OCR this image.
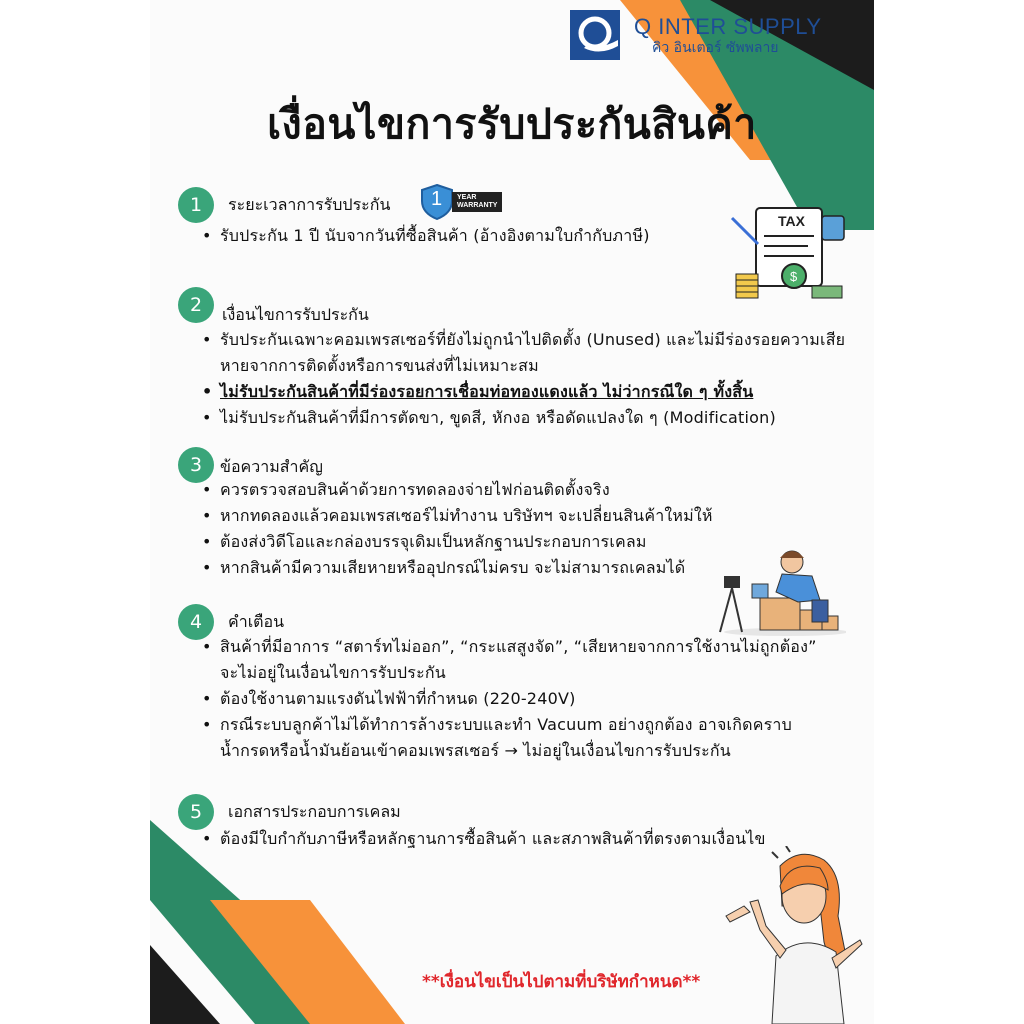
Q INTER SUPPLY
คิว อินเตอร์ ซัพพลาย
เงื่อนไขการรับประกันสินค้า
1	ระยะเวลาการรับประกัน 1 YEAR
WARRANTY
• รับประกัน 1 ปี นับจากวันที่ซื้อสินค้า (อ้างอิงตามใบกำกับภาษี)
2	เงื่อนไขการรับประกัน
• รับประกันเฉพาะคอมเพรสเซอร์ที่ยังไม่ถูกนำไปติดตั้ง (Unused) และไม่มีร่องรอยความเสียหายจากการติดตั้งหรือการขนส่งที่ไม่เหมาะสม
• ไม่รับประกันสินค้าที่มีร่องรอยการเชื่อมท่อทองแดงแล้ว ไม่ว่ากรณีใด ๆ ทั้งสิ้น
• ไม่รับประกันสินค้าที่มีการตัดขา, ขูดสี, หักงอ หรือดัดแปลงใด ๆ (Modification)
3	ข้อความสำคัญ
• ควรตรวจสอบสินค้าด้วยการทดลองจ่ายไฟก่อนติดตั้งจริง
• หากทดลองแล้วคอมเพรสเซอร์ไม่ทำงาน บริษัทฯ จะเปลี่ยนสินค้าใหม่ให้
• ต้องส่งวิดีโอและกล่องบรรจุเดิมเป็นหลักฐานประกอบการเคลม
• หากสินค้ามีความเสียหายหรืออุปกรณ์ไม่ครบ จะไม่สามารถเคลมได้
4	คำเตือน
• สินค้าที่มีอาการ “สตาร์ทไม่ออก”, “กระแสสูงจัด”, “เสียหายจากการใช้งานไม่ถูกต้อง” จะไม่อยู่ในเงื่อนไขการรับประกัน
• ต้องใช้งานตามแรงดันไฟฟ้าที่กำหนด (220-240V)
• กรณีระบบลูกค้าไม่ได้ทำการล้างระบบและทำ Vacuum อย่างถูกต้อง อาจเกิดคราบน้ำกรดหรือน้ำมันย้อนเข้าคอมเพรสเซอร์ → ไม่อยู่ในเงื่อนไขการรับประกัน
5	เอกสารประกอบการเคลม
• ต้องมีใบกำกับภาษีหรือหลักฐานการซื้อสินค้า และสภาพสินค้าที่ตรงตามเงื่อนไข
TAX
$
**เงื่อนไขเป็นไปตามที่บริษัทกำหนด**
